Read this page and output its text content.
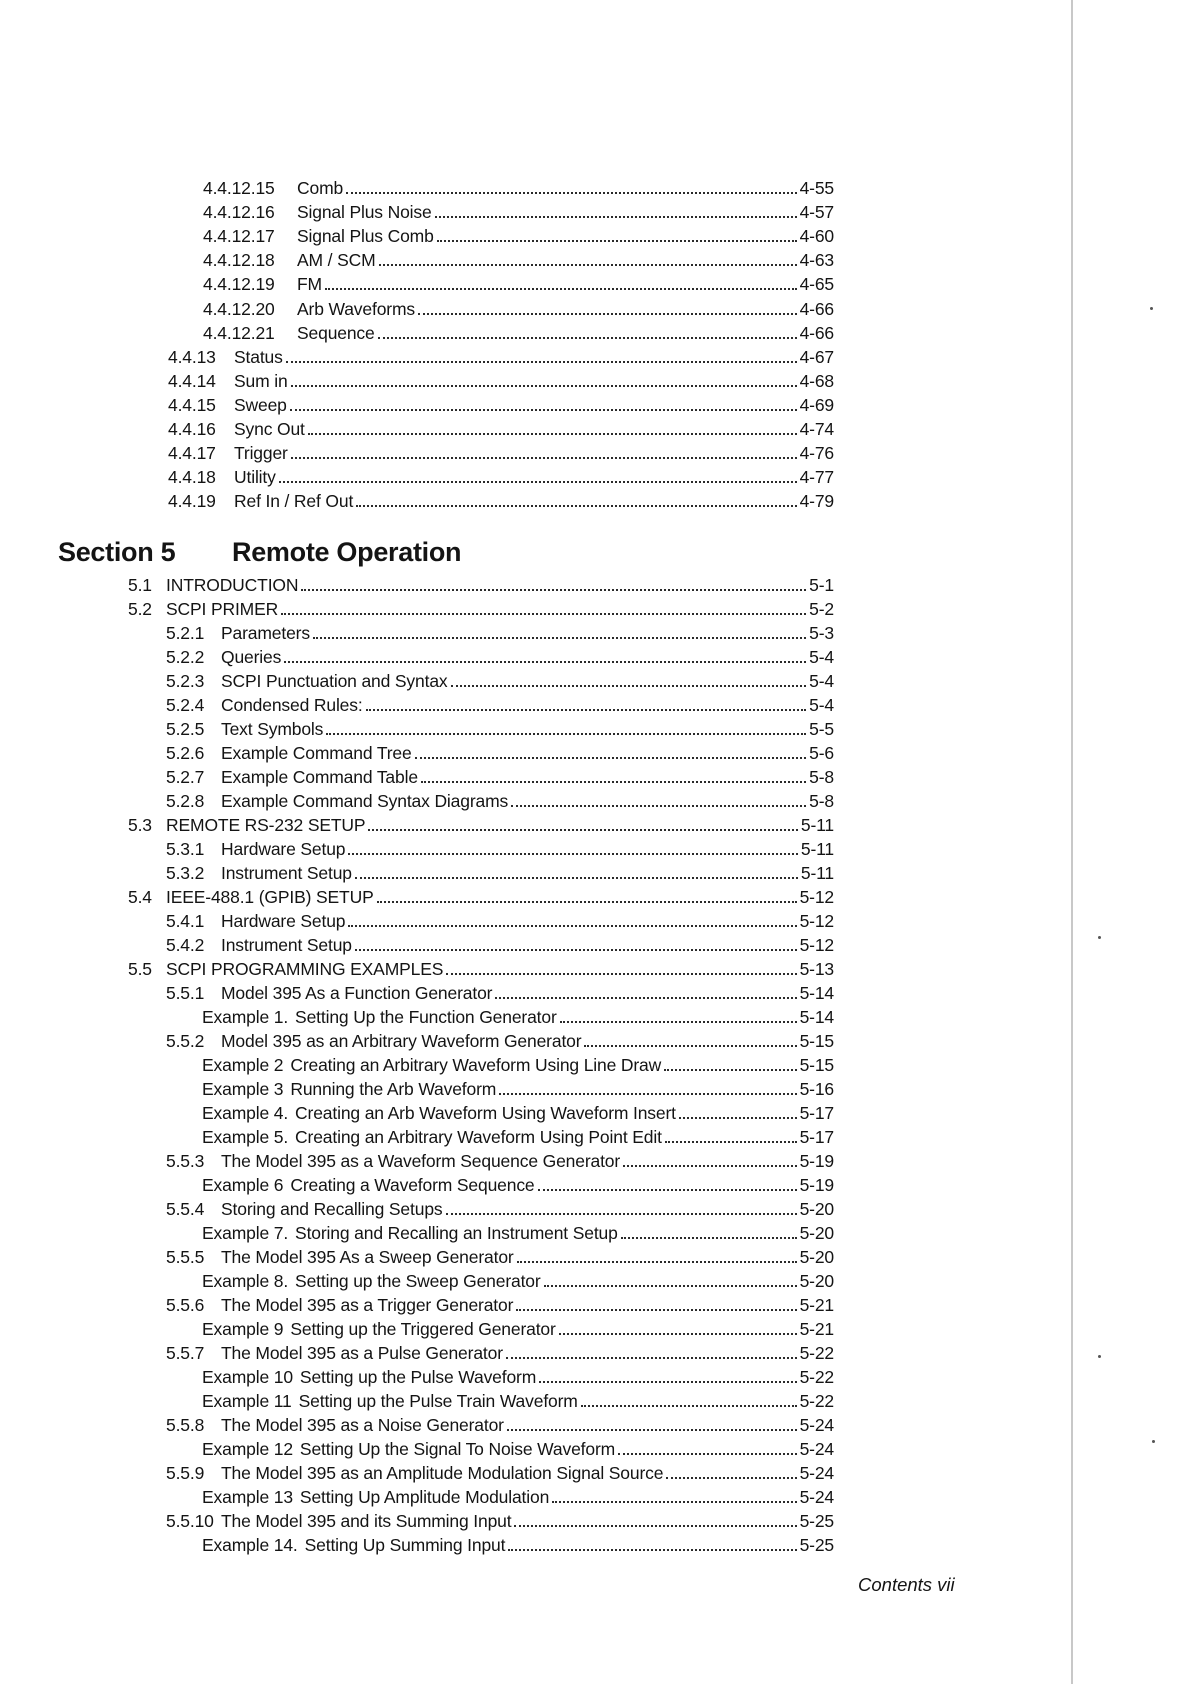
4.4.12.15 Comb	4-55
4.4.12.16 Signal Plus Noise	4-57
4.4.12.17 Signal Plus Comb	4-60
4.4.12.18 AM / SCM	4-63
4.4.12.19 FM	4-65
4.4.12.20 Arb Waveforms	4-66
4.4.12.21 Sequence	4-66
4.4.13 Status	4-67
4.4.14 Sum in	4-68
4.4.15 Sweep	4-69
4.4.16 Sync Out	4-74
4.4.17 Trigger	4-76
4.4.18 Utility	4-77
4.4.19 Ref In / Ref Out	4-79
Section 5 Remote Operation
5.1 INTRODUCTION	5-1
5.2 SCPI PRIMER	5-2
5.2.1 Parameters	5-3
5.2.2 Queries	5-4
5.2.3 SCPI Punctuation and Syntax	5-4
5.2.4 Condensed Rules:	5-4
5.2.5 Text Symbols	5-5
5.2.6 Example Command Tree	5-6
5.2.7 Example Command Table	5-8
5.2.8 Example Command Syntax Diagrams	5-8
5.3 REMOTE RS-232 SETUP	5-11
5.3.1 Hardware Setup	5-11
5.3.2 Instrument Setup	5-11
5.4 IEEE-488.1 (GPIB) SETUP	5-12
5.4.1 Hardware Setup	5-12
5.4.2 Instrument Setup	5-12
5.5 SCPI PROGRAMMING EXAMPLES	5-13
5.5.1 Model 395 As a Function Generator	5-14
Example 1. Setting Up the Function Generator	5-14
5.5.2 Model 395 as an Arbitrary Waveform Generator	5-15
Example 2 Creating an Arbitrary Waveform Using Line Draw	5-15
Example 3 Running the Arb Waveform	5-16
Example 4. Creating an Arb Waveform Using Waveform Insert	5-17
Example 5. Creating an Arbitrary Waveform Using Point Edit	5-17
5.5.3 The Model 395 as a Waveform Sequence Generator	5-19
Example 6 Creating a Waveform Sequence	5-19
5.5.4 Storing and Recalling Setups	5-20
Example 7. Storing and Recalling an Instrument Setup	5-20
5.5.5 The Model 395 As a Sweep Generator	5-20
Example 8. Setting up the Sweep Generator	5-20
5.5.6 The Model 395 as a Trigger Generator	5-21
Example 9 Setting up the Triggered Generator	5-21
5.5.7 The Model 395 as a Pulse Generator	5-22
Example 10 Setting up the Pulse Waveform	5-22
Example 11 Setting up the Pulse Train Waveform	5-22
5.5.8 The Model 395 as a Noise Generator	5-24
Example 12 Setting Up the Signal To Noise Waveform	5-24
5.5.9 The Model 395 as an Amplitude Modulation Signal Source	5-24
Example 13 Setting Up Amplitude Modulation	5-24
5.5.10 The Model 395 and its Summing Input	5-25
Example 14. Setting Up Summing Input	5-25
Contents vii
